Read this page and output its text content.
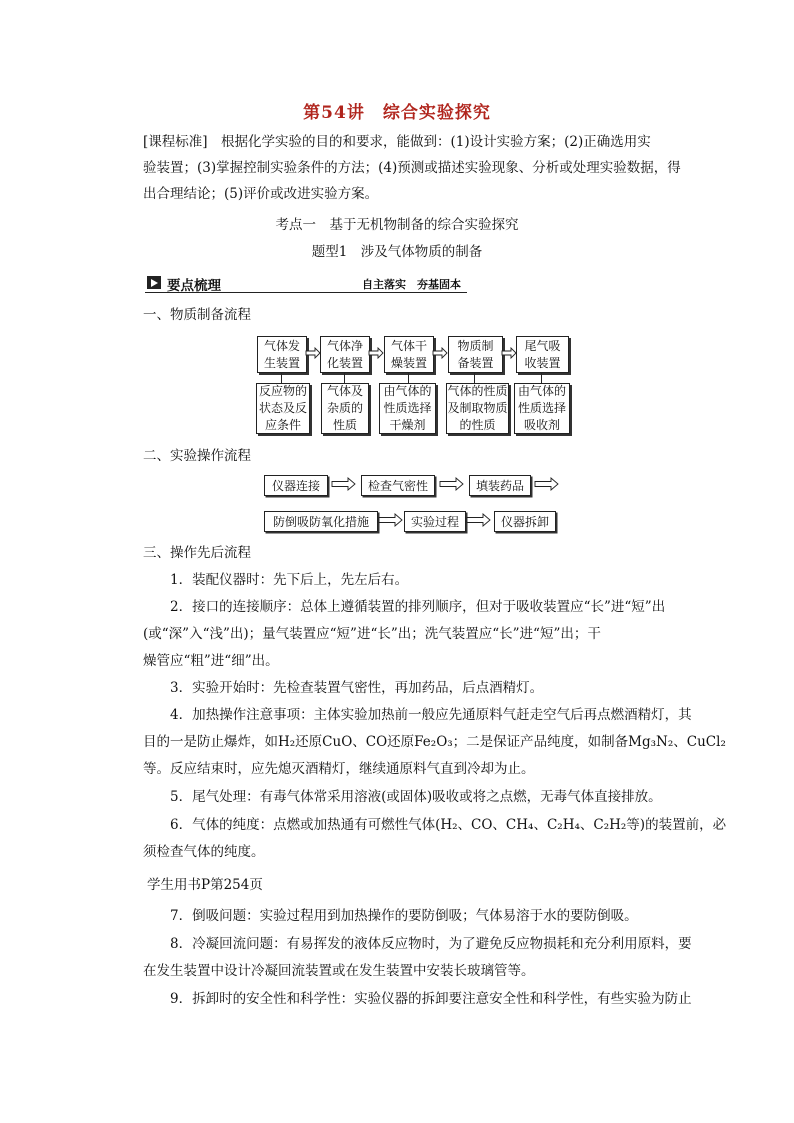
第54讲 综合实验探究
[课程标准]　根据化学实验的目的和要求，能做到：(1)设计实验方案；(2)正确选用实
验装置；(3)掌握控制实验条件的方法；(4)预测或描述实验现象、分析或处理实验数据，得
出合理结论；(5)评价或改进实验方案。
考点一　基于无机物制备的综合实验探究
题型1　涉及气体物质的制备
要点梳理	自主落实　夯基固本
一、物质制备流程
气体发生装置
气体净化装置
气体干燥装置
物质制备装置
尾气吸收装置
反应物的状态及反应条件
气体及杂质的性质
由气体的性质选择干燥剂
气体的性质及制取物质的性质
由气体的性质选择吸收剂
二、实验操作流程
仪器连接	检查气密性	填装药品
防倒吸防氧化措施	实验过程	仪器拆卸
三、操作先后流程
1．装配仪器时：先下后上，先左后右。
2．接口的连接顺序：总体上遵循装置的排列顺序，但对于吸收装置应“长”进“短”出
(或“深”入“浅”出)；量气装置应“短”进“长”出；洗气装置应“长”进“短”出；干
燥管应“粗”进“细”出。
3．实验开始时：先检查装置气密性，再加药品，后点酒精灯。
4．加热操作注意事项：主体实验加热前一般应先通原料气赶走空气后再点燃酒精灯，其
目的一是防止爆炸，如H₂还原CuO、CO还原Fe₂O₃；二是保证产品纯度，如制备Mg₃N₂、CuCl₂
等。反应结束时，应先熄灭酒精灯，继续通原料气直到冷却为止。
5．尾气处理：有毒气体常采用溶液(或固体)吸收或将之点燃，无毒气体直接排放。
6．气体的纯度：点燃或加热通有可燃性气体(H₂、CO、CH₄、C₂H₄、C₂H₂等)的装置前，必
须检查气体的纯度。
学生用书P第254页
7．倒吸问题：实验过程用到加热操作的要防倒吸；气体易溶于水的要防倒吸。
8．冷凝回流问题：有易挥发的液体反应物时，为了避免反应物损耗和充分利用原料，要
在发生装置中设计冷凝回流装置或在发生装置中安装长玻璃管等。
9．拆卸时的安全性和科学性：实验仪器的拆卸要注意安全性和科学性，有些实验为防止
